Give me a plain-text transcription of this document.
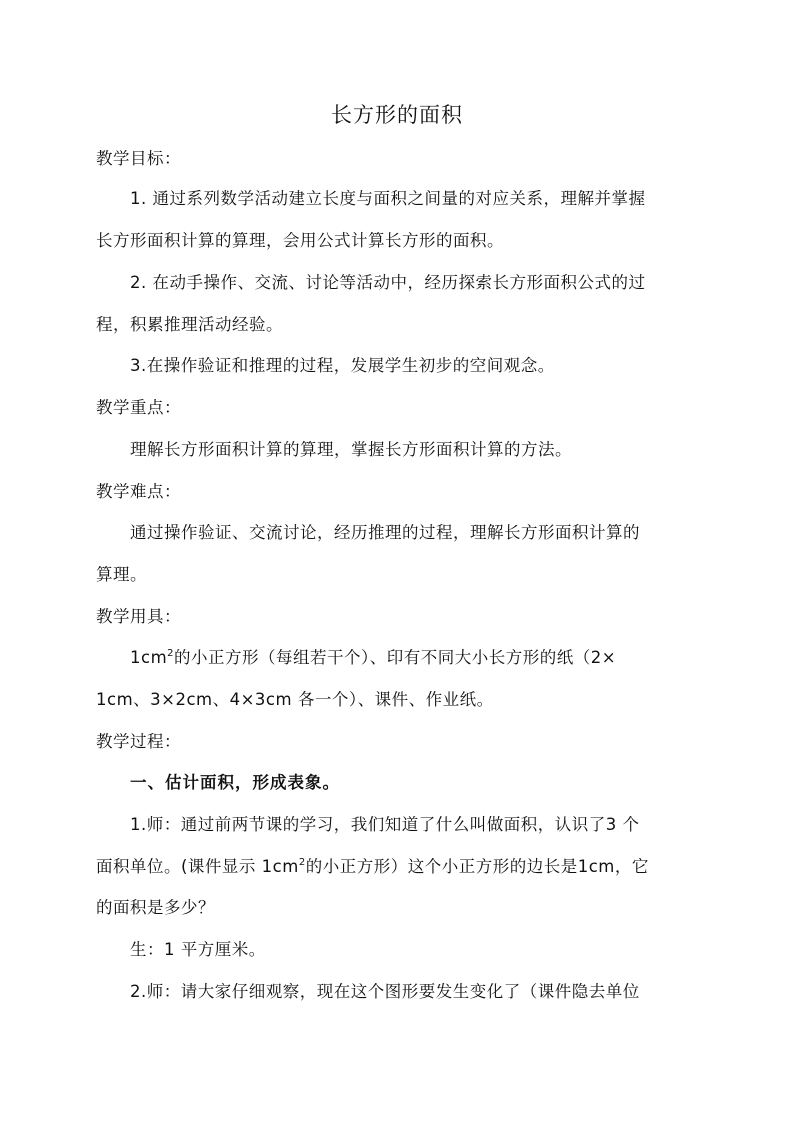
长方形的面积
教学目标：
1. 通过系列数学活动建立长度与面积之间量的对应关系，理解并掌握
长方形面积计算的算理，会用公式计算长方形的面积。
2. 在动手操作、交流、讨论等活动中，经历探索长方形面积公式的过
程，积累推理活动经验。
3.在操作验证和推理的过程，发展学生初步的空间观念。
教学重点：
理解长方形面积计算的算理，掌握长方形面积计算的方法。
教学难点：
通过操作验证、交流讨论，经历推理的过程，理解长方形面积计算的
算理。
教学用具：
$1cm^2$的小正方形（每组若干个）、印有不同大小长方形的纸（2×
1cm、3×2cm、4×3cm 各一个）、课件、作业纸。
教学过程：
一、估计面积，形成表象。
1.师：通过前两节课的学习，我们知道了什么叫做面积，认识了3 个
面积单位。(课件显示 $1cm^2$的小正方形）这个小正方形的边长是1cm，它
的面积是多少？
生：1 平方厘米。
2.师：请大家仔细观察，现在这个图形要发生变化了（课件隐去单位
